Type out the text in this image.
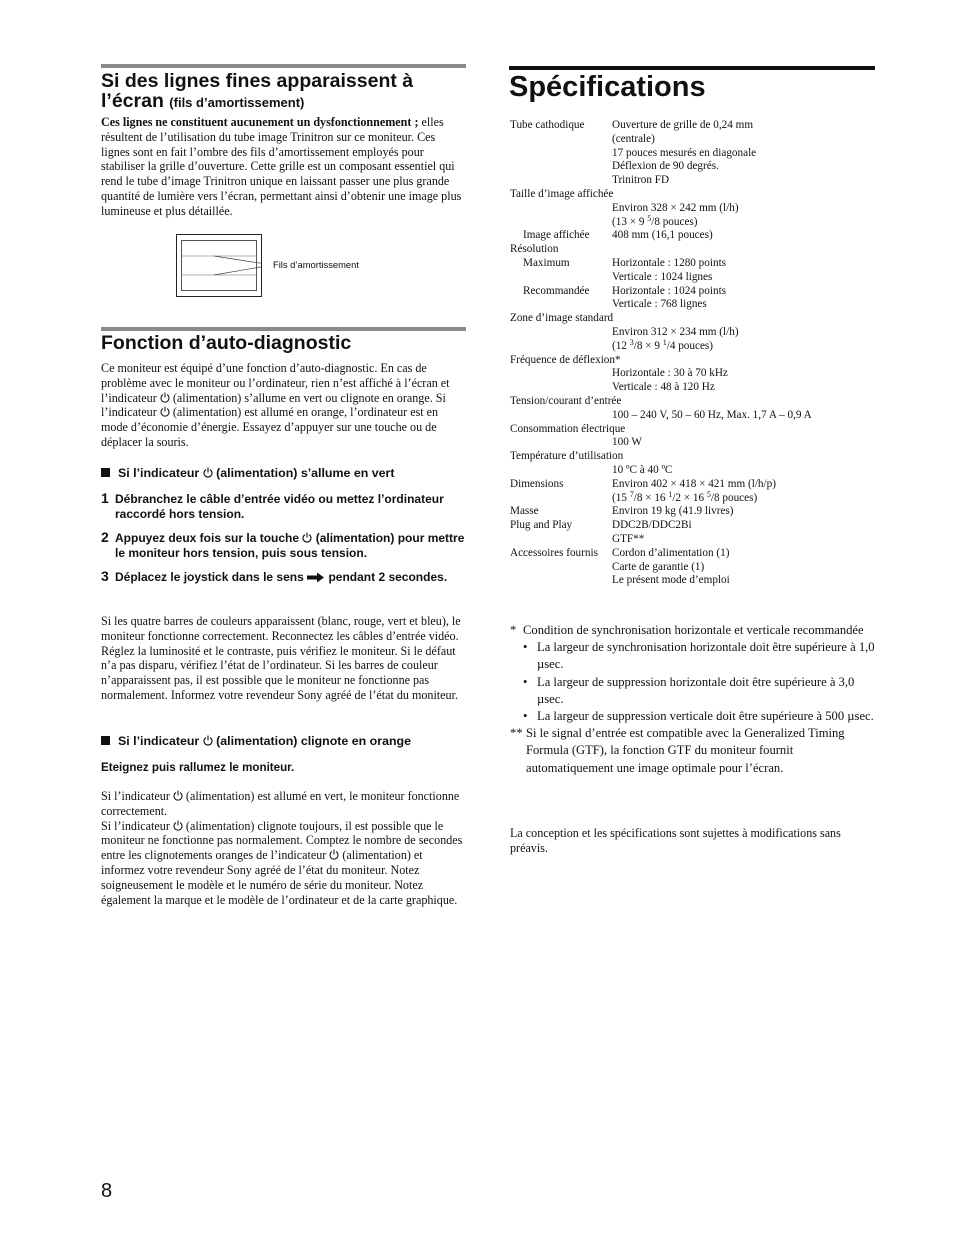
Si des lignes fines apparaissent à l’écran (fils d’amortissement)
Ces lignes ne constituent aucunement un dysfonctionnement ; elles résultent de l’utilisation du tube image Trinitron sur ce moniteur. Ces lignes sont en fait l’ombre des fils d’amortissement employés pour stabiliser la grille d’ouverture. Cette grille est un composant essentiel qui rend le tube d’image Trinitron unique en laissant passer une plus grande quantité de lumière vers l’écran, permettant ainsi d’obtenir une image plus lumineuse et plus détaillée.
Fils d’amortissement
Fonction d’auto-diagnostic
Ce moniteur est équipé d’une fonction d’auto-diagnostic. En cas de problème avec le moniteur ou l’ordinateur, rien n’est affiché à l’écran et l’indicateur (alimentation) s’allume en vert ou clignote en orange. Si l’indicateur (alimentation) est allumé en orange, l’ordinateur est en mode d’économie d’énergie. Essayez d’appuyer sur une touche ou de déplacer la souris.
Si l’indicateur (alimentation) s’allume en vert
1 Débranchez le câble d’entrée vidéo ou mettez l’ordinateur raccordé hors tension.
2 Appuyez deux fois sur la touche (alimentation) pour mettre le moniteur hors tension, puis sous tension.
3 Déplacez le joystick dans le sens pendant 2 secondes.
Si les quatre barres de couleurs apparaissent (blanc, rouge, vert et bleu), le moniteur fonctionne correctement. Reconnectez les câbles d’entrée vidéo. Réglez la luminosité et le contraste, puis vérifiez le moniteur. Si le défaut n’a pas disparu, vérifiez l’état de l’ordinateur. Si les barres de couleur n’apparaissent pas, il est possible que le moniteur ne fonctionne pas normalement. Informez votre revendeur Sony agréé de l’état du moniteur.
Si l’indicateur (alimentation) clignote en orange
Eteignez puis rallumez le moniteur.
Si l’indicateur (alimentation) est allumé en vert, le moniteur fonctionne correctement.
Si l’indicateur (alimentation) clignote toujours, il est possible que le moniteur ne fonctionne pas normalement. Comptez le nombre de secondes entre les clignotements oranges de l’indicateur (alimentation) et informez votre revendeur Sony agréé de l’état du moniteur. Notez soigneusement le modèle et le numéro de série du moniteur. Notez également la marque et le modèle de l’ordinateur et de la carte graphique.
Spécifications
Tube cathodique Ouverture de grille de 0,24 mm
(centrale)
17 pouces mesurés en diagonale
Déflexion de 90 degrés.
Trinitron FD
Taille d’image affichée

Environ 328 × 242 mm (l/h)
(13 × 9 $^5$/8 pouces)
Image affichée 408 mm (16,1 pouces)
Résolution

Maximum	Horizontale : 1280 points
Verticale : 1024 lignes
Recommandée Horizontale : 1024 points
Verticale : 768 lignes
Zone d’image standard

Environ 312 × 234 mm (l/h)
(12 $^3$/8 × 9 $^1$/4 pouces)
Fréquence de déflexion*

Horizontale : 30 à 70 kHz
Verticale : 48 à 120 Hz
Tension/courant d’entrée

100 – 240 V, 50 – 60 Hz, Max. 1,7 A – 0,9 A
Consommation électrique

100 W
Température d’utilisation

10 ºC à 40 ºC
Dimensions	Environ 402 × 418 × 421 mm (l/h/p)
(15 $^7$/8 × 16 $^1$/2 × 16 $^5$/8 pouces)
Masse	Environ 19 kg (41.9 livres)
Plug and Play	DDC2B/DDC2Bi
GTF**
Accessoires fournis Cordon d’alimentation (1)
Carte de garantie (1)
Le présent mode d’emploi
* Condition de synchronisation horizontale et verticale recommandée
• La largeur de synchronisation horizontale doit être supérieure à 1,0 µsec.
• La largeur de suppression horizontale doit être supérieure à 3,0 µsec.
• La largeur de suppression verticale doit être supérieure à 500 µsec.
** Si le signal d’entrée est compatible avec la Generalized Timing Formula (GTF), la fonction GTF du moniteur fournit automatiquement une image optimale pour l’écran.
La conception et les spécifications sont sujettes à modifications sans préavis.
8
